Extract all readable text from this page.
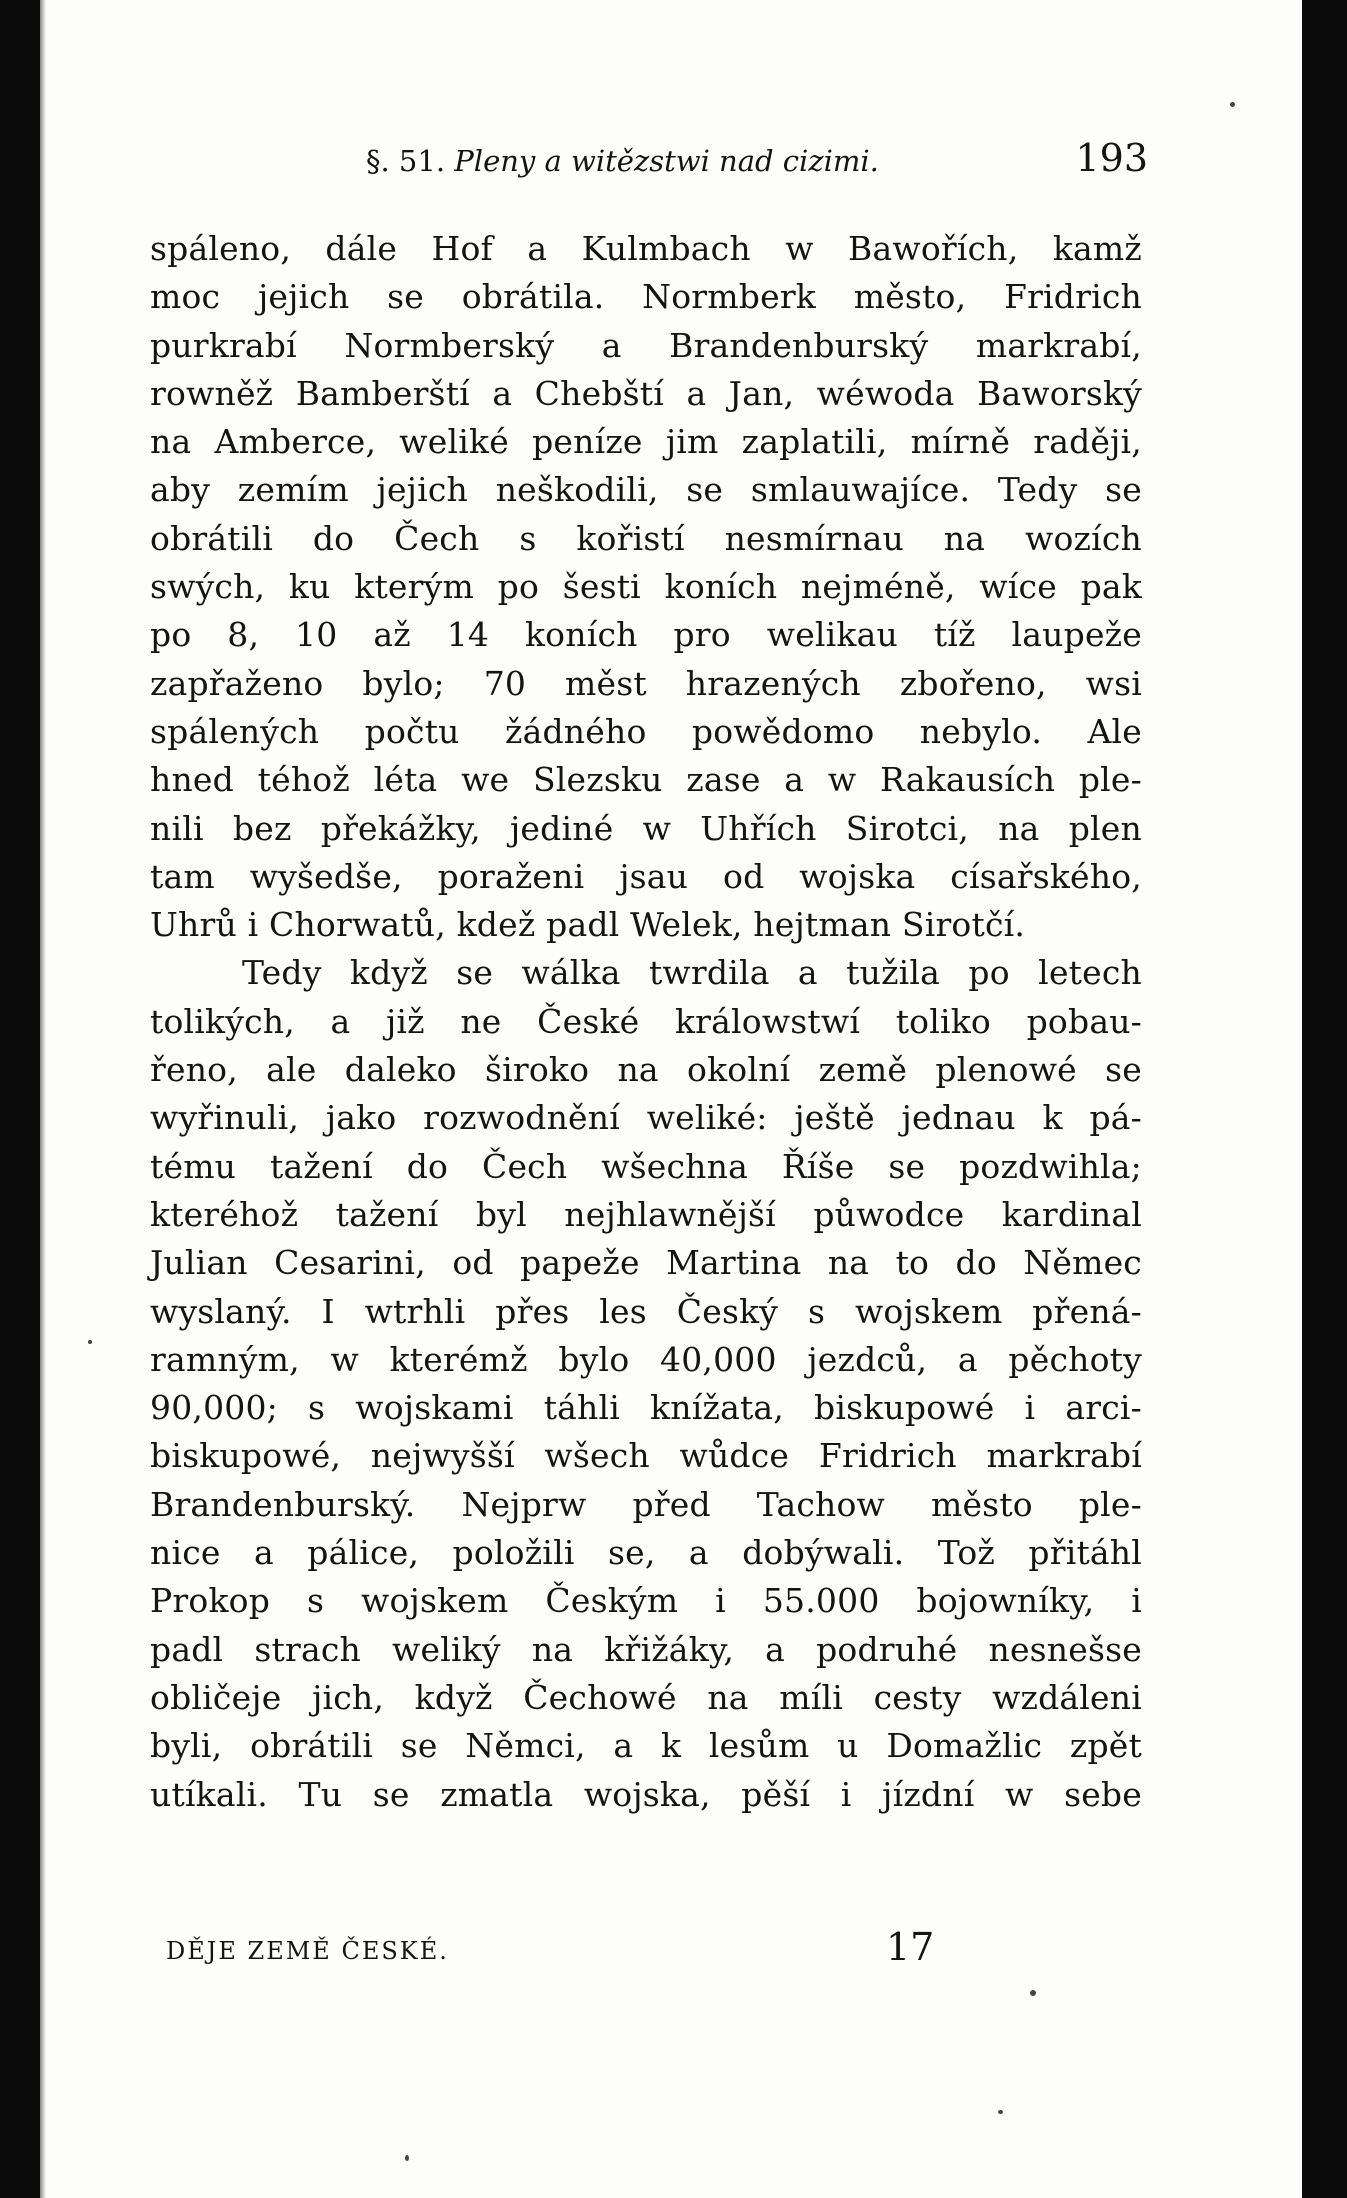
§. 51. Pleny a witězstwi nad cizimi.	193
spáleno, dále Hof a Kulmbach w Bawořích, kamž
moc jejich se obrátila. Normberk město, Fridrich
purkrabí Normberský a Brandenburský markrabí,
rowněž Bamberští a Chebští a Jan, wéwoda Baworský
na Amberce, weliké peníze jim zaplatili, mírně raději,
aby zemím jejich neškodili, se smlauwajíce. Tedy se
obrátili do Čech s kořistí nesmírnau na wozích
swých, ku kterým po šesti koních nejméně, wíce pak
po 8, 10 až 14 koních pro welikau tíž laupeže
zapřaženo bylo; 70 měst hrazených zbořeno, wsi
spálených počtu žádného powědomo nebylo. Ale
hned téhož léta we Slezsku zase a w Rakausích ple-
nili bez překážky, jediné w Uhřích Sirotci, na plen
tam wyšedše, poraženi jsau od wojska císařského,
Uhrů i Chorwatů, kdež padl Welek, hejtman Sirotčí.
Tedy když se wálka twrdila a tužila po letech
tolikých, a již ne České králowstwí toliko pobau-
řeno, ale daleko široko na okolní země plenowé se
wyřinuli, jako rozwodnění weliké: ještě jednau k pá-
tému tažení do Čech wšechna Říše se pozdwihla;
kteréhož tažení byl nejhlawnější půwodce kardinal
Julian Cesarini, od papeže Martina na to do Němec
wyslaný. I wtrhli přes les Český s wojskem přená-
ramným, w kterémž bylo 40,000 jezdců, a pěchoty
90,000; s wojskami táhli knížata, biskupowé i arci-
biskupowé, nejwyšší wšech wůdce Fridrich markrabí
Brandenburský. Nejprw před Tachow město ple-
nice a pálice, položili se, a dobýwali. Tož přitáhl
Prokop s wojskem Českým i 55.000 bojowníky, i
padl strach weliký na křižáky, a podruhé nesnešse
obličeje jich, když Čechowé na míli cesty wzdáleni
byli, obrátili se Němci, a k lesům u Domažlic zpět
utíkali. Tu se zmatla wojska, pěší i jízdní w sebe
DĚJE ZEMĚ ČESKÉ.	17
